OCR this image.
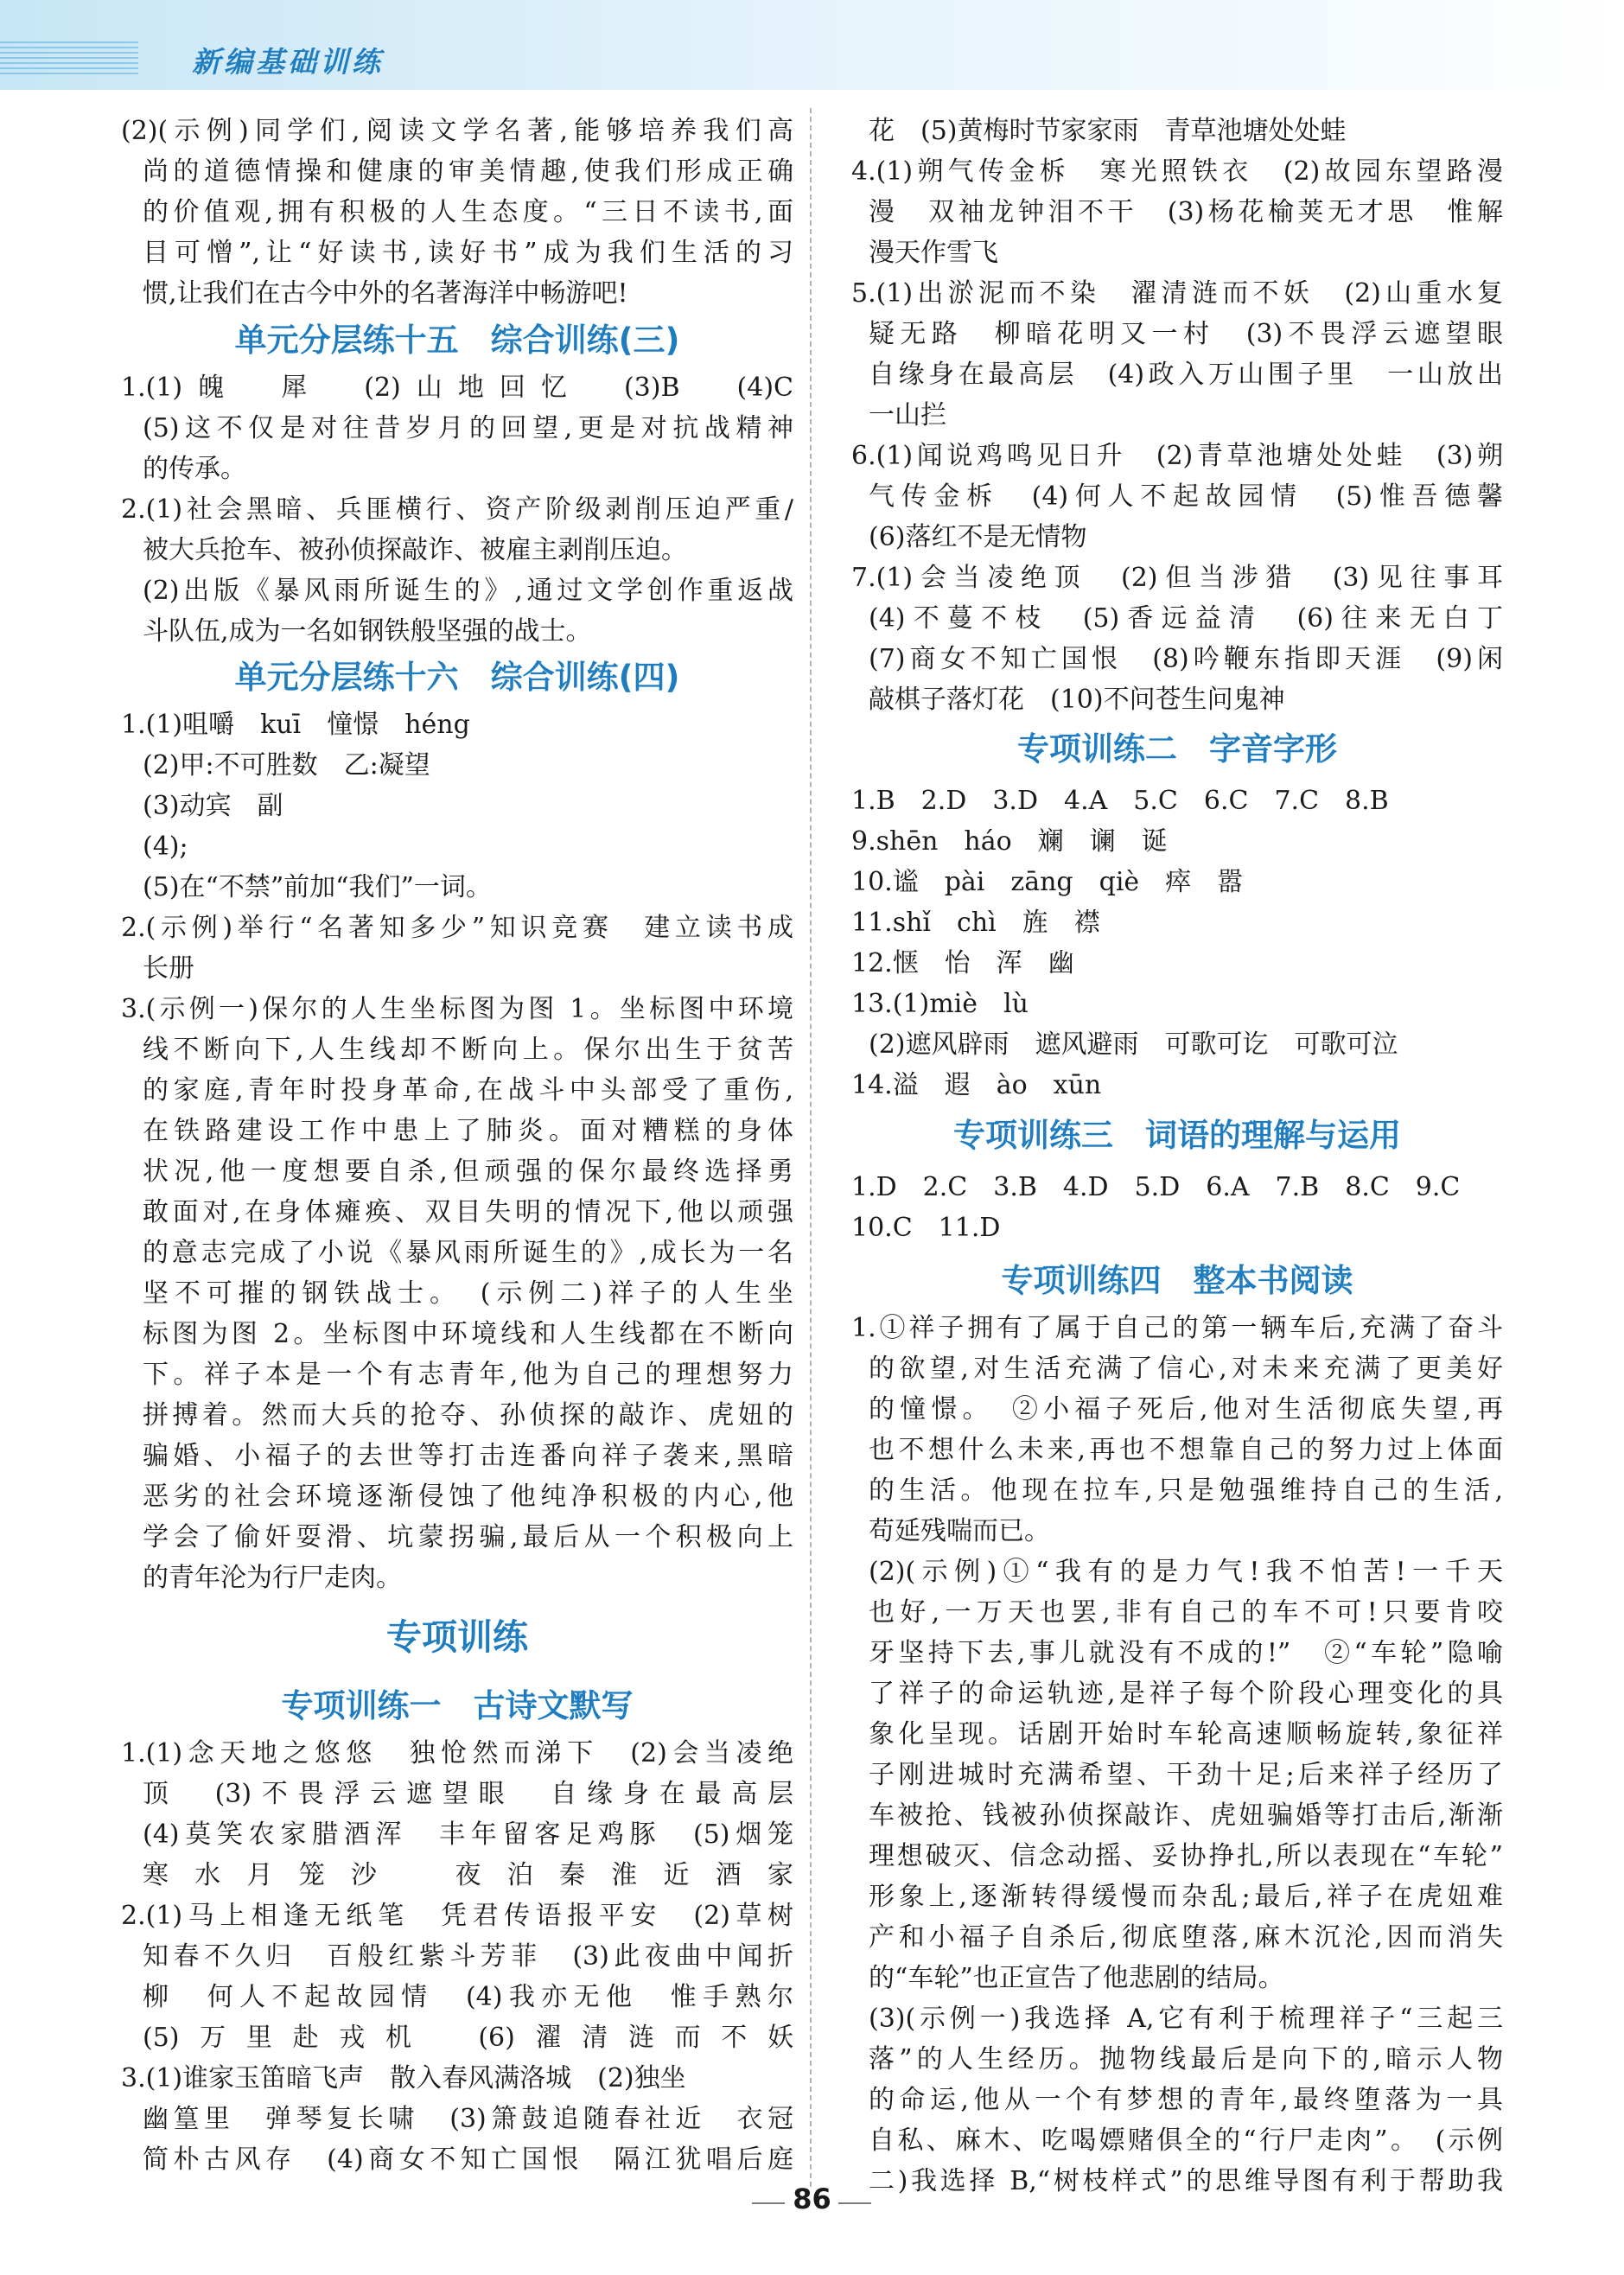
新编基础训练
(2)(示例)同学们,阅读文学名著,能够培养我们高
尚的道德情操和健康的审美情趣,使我们形成正确
的价值观,拥有积极的人生态度。“三日不读书,面
目可憎”,让“好读书,读好书”成为我们生活的习
惯,让我们在古今中外的名著海洋中畅游吧!
单元分层练十五　综合训练(三)
1.(1)魄　犀　(2)山地回忆　(3)B　(4)C
(5)这不仅是对往昔岁月的回望,更是对抗战精神
的传承。
2.(1)社会黑暗、兵匪横行、资产阶级剥削压迫严重/
被大兵抢车、被孙侦探敲诈、被雇主剥削压迫。
(2)出版《暴风雨所诞生的》,通过文学创作重返战
斗队伍,成为一名如钢铁般坚强的战士。
单元分层练十六　综合训练(四)
1.(1)咀嚼　kuī　憧憬　héng
(2)甲:不可胜数　乙:凝望
(3)动宾　副
(4);
(5)在“不禁”前加“我们”一词。
2.(示例)举行“名著知多少”知识竞赛　建立读书成
长册
3.(示例一)保尔的人生坐标图为图 1。坐标图中环境
线不断向下,人生线却不断向上。保尔出生于贫苦
的家庭,青年时投身革命,在战斗中头部受了重伤,
在铁路建设工作中患上了肺炎。面对糟糕的身体
状况,他一度想要自杀,但顽强的保尔最终选择勇
敢面对,在身体瘫痪、双目失明的情况下,他以顽强
的意志完成了小说《暴风雨所诞生的》,成长为一名
坚不可摧的钢铁战士。　(示例二)祥子的人生坐
标图为图 2。坐标图中环境线和人生线都在不断向
下。祥子本是一个有志青年,他为自己的理想努力
拼搏着。然而大兵的抢夺、孙侦探的敲诈、虎妞的
骗婚、小福子的去世等打击连番向祥子袭来,黑暗
恶劣的社会环境逐渐侵蚀了他纯净积极的内心,他
学会了偷奸耍滑、坑蒙拐骗,最后从一个积极向上
的青年沦为行尸走肉。
专项训练
专项训练一　古诗文默写
1.(1)念天地之悠悠　独怆然而涕下　(2)会当凌绝
顶　(3)不畏浮云遮望眼　自缘身在最高层
(4)莫笑农家腊酒浑　丰年留客足鸡豚　(5)烟笼
寒水月笼沙　夜泊秦淮近酒家
2.(1)马上相逢无纸笔　凭君传语报平安　(2)草树
知春不久归　百般红紫斗芳菲　(3)此夜曲中闻折
柳　何人不起故园情　(4)我亦无他　惟手熟尔
(5)万里赴戎机　(6)濯清涟而不妖
3.(1)谁家玉笛暗飞声　散入春风满洛城　(2)独坐
幽篁里　弹琴复长啸　(3)箫鼓追随春社近　衣冠
简朴古风存　(4)商女不知亡国恨　隔江犹唱后庭
花　(5)黄梅时节家家雨　青草池塘处处蛙
4.(1)朔气传金柝　寒光照铁衣　(2)故园东望路漫
漫　双袖龙钟泪不干　(3)杨花榆荚无才思　惟解
漫天作雪飞
5.(1)出淤泥而不染　濯清涟而不妖　(2)山重水复
疑无路　柳暗花明又一村　(3)不畏浮云遮望眼
自缘身在最高层　(4)政入万山围子里　一山放出
一山拦
6.(1)闻说鸡鸣见日升　(2)青草池塘处处蛙　(3)朔
气传金柝　(4)何人不起故园情　(5)惟吾德馨
(6)落红不是无情物
7.(1)会当凌绝顶　(2)但当涉猎　(3)见往事耳
(4)不蔓不枝　(5)香远益清　(6)往来无白丁
(7)商女不知亡国恨　(8)吟鞭东指即天涯　(9)闲
敲棋子落灯花　(10)不问苍生问鬼神
专项训练二　字音字形
1.B　2.D　3.D　4.A　5.C　6.C　7.C　8.B
9.shēn　háo　斓　谰　诞
10.谧　pài　zāng　qiè　瘁　嚣
11.shǐ　chì　旌　襟
12.惬　怡　浑　幽
13.(1)miè　lù
(2)遮风辟雨　遮风避雨　可歌可讫　可歌可泣
14.溢　遐　ào　xūn
专项训练三　词语的理解与运用
1.D　2.C　3.B　4.D　5.D　6.A　7.B　8.C　9.C
10.C　11.D
专项训练四　整本书阅读
1.①祥子拥有了属于自己的第一辆车后,充满了奋斗
的欲望,对生活充满了信心,对未来充满了更美好
的憧憬。　②小福子死后,他对生活彻底失望,再
也不想什么未来,再也不想靠自己的努力过上体面
的生活。他现在拉车,只是勉强维持自己的生活,
苟延残喘而已。
(2)(示例)①“我有的是力气!我不怕苦!一千天
也好,一万天也罢,非有自己的车不可!只要肯咬
牙坚持下去,事儿就没有不成的!”　②“车轮”隐喻
了祥子的命运轨迹,是祥子每个阶段心理变化的具
象化呈现。话剧开始时车轮高速顺畅旋转,象征祥
子刚进城时充满希望、干劲十足;后来祥子经历了
车被抢、钱被孙侦探敲诈、虎妞骗婚等打击后,渐渐
理想破灭、信念动摇、妥协挣扎,所以表现在“车轮”
形象上,逐渐转得缓慢而杂乱;最后,祥子在虎妞难
产和小福子自杀后,彻底堕落,麻木沉沦,因而消失
的“车轮”也正宣告了他悲剧的结局。
(3)(示例一)我选择 A,它有利于梳理祥子“三起三
落”的人生经历。抛物线最后是向下的,暗示人物
的命运,他从一个有梦想的青年,最终堕落为一具
自私、麻木、吃喝嫖赌俱全的“行尸走肉”。　(示例
二)我选择 B,“树枝样式”的思维导图有利于帮助我
86
